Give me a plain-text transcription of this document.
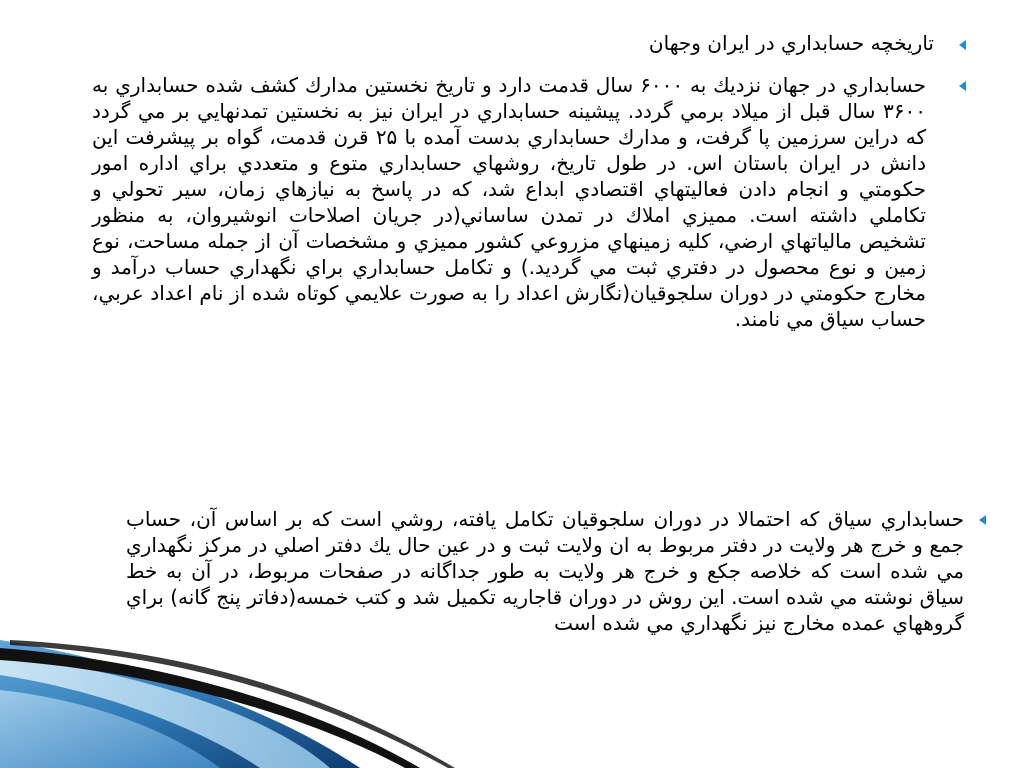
تاريخچه حسابداري در ايران وجهان
حسابداري در جهان نزديك به ۶۰۰۰ سال قدمت دارد و تاريخ نخستين مدارك كشف شده حسابداري به ۳۶۰۰ سال قبل از ميلاد برمي گردد. پيشينه حسابداري در ايران نيز به نخستين تمدنهايي بر مي گردد كه دراين سرزمين پا گرفت، و مدارك حسابداري بدست آمده با ۲۵ قرن قدمت، گواه بر پيشرفت اين دانش در ايران باستان اس. در طول تاريخ، روشهاي حسابداري متوع و متعددي براي اداره امور حكومتي و انجام دادن فعاليتهاي اقتصادي ابداع شد، كه در پاسخ به نيازهاي زمان، سير تحولي و تكاملي داشته است. مميزي املاك در تمدن ساساني(در جريان اصلاحات انوشيروان، به منظور تشخيص مالياتهاي ارضي، كليه زمينهاي مزروعي كشور مميزي و مشخصات آن از جمله مساحت، نوع زمين و نوع محصول در دفتري ثبت مي گرديد.) و تكامل حسابداري براي نگهداري حساب درآمد و مخارج حكومتي در دوران سلجوقيان(نگارش اعداد را به صورت علايمي كوتاه شده از نام اعداد عربي، حساب سياق مي نامند.
حسابداري سياق كه احتمالا در دوران سلجوقيان تكامل يافته، روشي است كه بر اساس آن، حساب جمع و خرج هر ولايت در دفتر مربوط به ان ولايت ثبت و در عين حال يك دفتر اصلي در مركز نگهداري مي شده است كه خلاصه جكع و خرج هر ولايت به طور جداگانه در صفحات مربوط، در آن به خط سياق نوشته مي شده است. اين روش در دوران قاجاريه تكميل شد و كتب خمسه(دفاتر پنج گانه) براي گروههاي عمده مخارج نيز نگهداري مي شده است
